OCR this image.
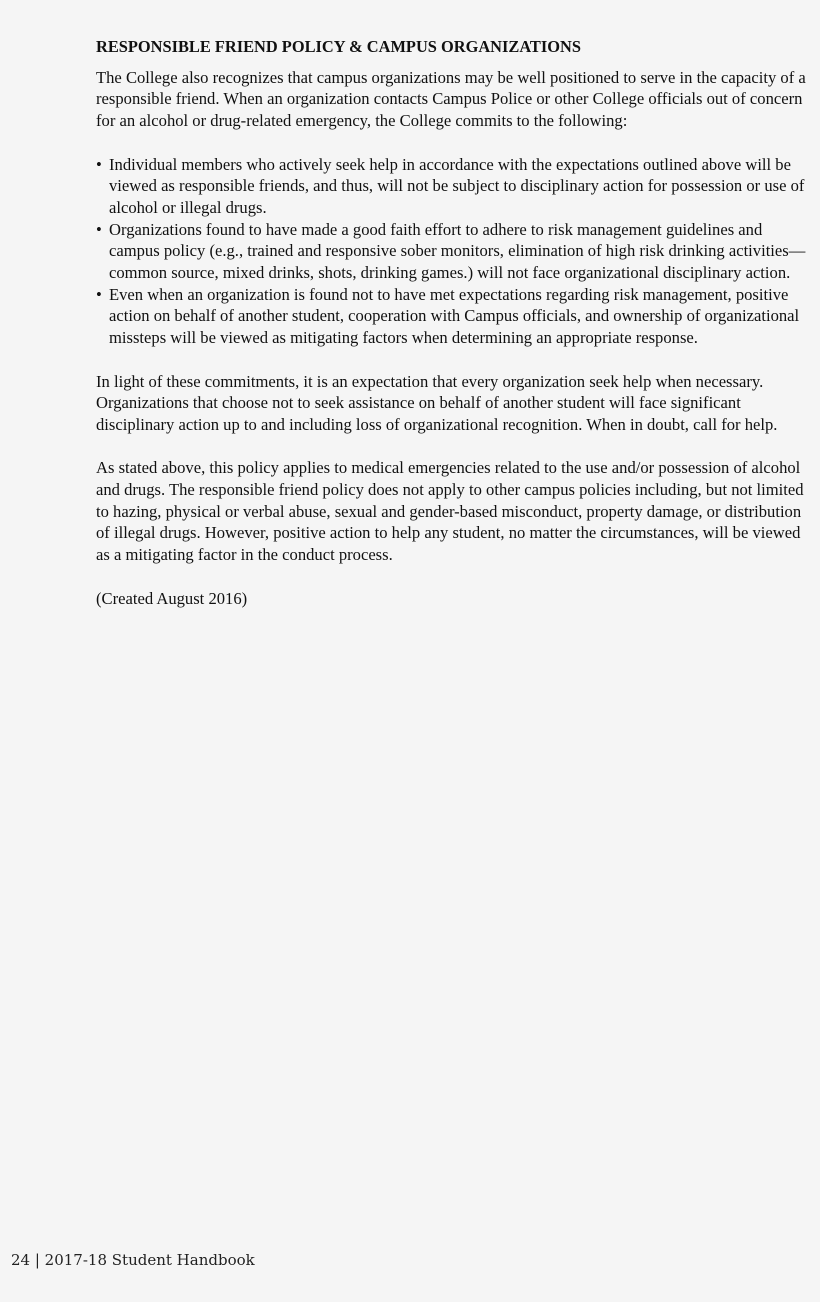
RESPONSIBLE FRIEND POLICY & CAMPUS ORGANIZATIONS

The College also recognizes that campus organizations may be well positioned to serve in the capacity of a responsible friend. When an organization contacts Campus Police or other College officials out of concern for an alcohol or drug-related emergency, the College commits to the following:

• Individual members who actively seek help in accordance with the expectations outlined above will be viewed as responsible friends, and thus, will not be subject to disciplinary action for possession or use of alcohol or illegal drugs.
• Organizations found to have made a good faith effort to adhere to risk management guidelines and campus policy (e.g., trained and responsive sober monitors, elimination of high risk drinking activities—common source, mixed drinks, shots, drinking games.) will not face organizational disciplinary action.
• Even when an organization is found not to have met expectations regarding risk management, positive action on behalf of another student, cooperation with Campus officials, and ownership of organizational missteps will be viewed as mitigating factors when determining an appropriate response.

In light of these commitments, it is an expectation that every organization seek help when necessary. Organizations that choose not to seek assistance on behalf of another student will face significant disciplinary action up to and including loss of organizational recognition. When in doubt, call for help.

As stated above, this policy applies to medical emergencies related to the use and/or possession of alcohol and drugs. The responsible friend policy does not apply to other campus policies including, but not limited to hazing, physical or verbal abuse, sexual and gender-based misconduct, property damage, or distribution of illegal drugs. However, positive action to help any student, no matter the circumstances, will be viewed as a mitigating factor in the conduct process.

(Created August 2016)

24 | 2017-18 Student Handbook
